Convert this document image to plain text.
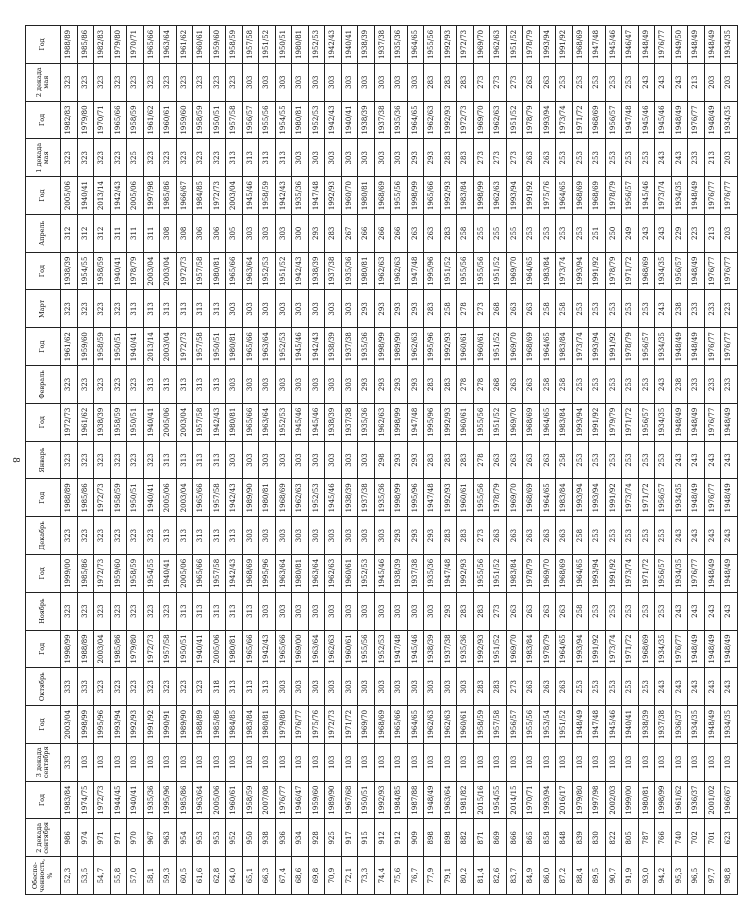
8
Обеспе-ченность, %	2 декада сентября	Год	3 декада сентября	Год	Октябрь	Год	Ноябрь	Год	Декабрь	Год	Январь	Год	Февраль	Год	Март	Год	Апрель	Год	1 декада мая	Год	2 декада мая	Год
52,3	986	1983/84	333	2003/04	333	1998/99	323	1999/00	323	1988/89	323	1972/73	323	1961/62	323	1938/39	312	2005/06	323	1982/83	323	1988/89
53,5	974	1974/75	103	1998/99	333	1988/89	323	1985/86	323	1985/86	323	1961/62	323	1959/60	323	1954/55	312	1940/41	323	1979/80	323	1985/86
54,7	971	1972/73	103	1995/96	323	2003/04	323	1972/73	323	1972/73	323	1938/39	323	1958/59	323	1958/59	312	2013/14	323	1970/71	323	1982/83
55,8	971	1944/45	103	1993/94	323	1985/86	323	1959/60	323	1958/59	323	1958/59	323	1950/51	323	1940/41	311	1942/43	323	1965/66	323	1979/80
57,0	970	1940/41	103	1992/93	323	1979/80	323	1958/59	323	1950/51	323	1950/51	323	1940/41	313	1978/79	311	2005/06	325	1958/59	323	1970/71
58,1	967	1935/36	103	1991/92	323	1972/73	323	1954/55	323	1940/41	323	1940/41	313	2013/14	313	2003/04	311	1997/98	323	1961/62	323	1965/66
59,3	963	1995/96	103	1990/91	323	1957/58	323	1940/41	313	2005/06	313	2005/06	313	2003/04	313	2003/04	308	1985/86	323	1960/61	323	1963/64
60,5	954	1985/86	103	1989/90	323	1950/51	313	2005/06	313	2003/04	313	2003/04	313	1972/73	313	1972/73	308	1966/67	323	1959/60	323	1961/62
61,6	953	1963/64	103	1988/89	323	1940/41	313	1965/66	313	1965/66	313	1957/58	313	1957/58	313	1957/58	306	1984/85	323	1958/59	323	1960/61
62,8	953	2005/06	103	1985/86	318	2005/06	313	1957/58	313	1957/58	313	1942/43	313	1950/51	313	1980/81	306	1972/73	323	1950/51	323	1959/60
64,0	952	1960/61	103	1984/85	313	1980/81	313	1942/43	313	1942/43	303	1980/81	303	1980/81	303	1965/66	305	2003/04	313	1957/58	323	1958/59
65,1	950	1958/59	103	1983/84	313	1965/66	313	1968/69	303	1989/90	303	1965/66	303	1965/66	303	1963/64	303	1945/46	313	1956/57	303	1957/58
66,3	938	2007/08	103	1980/81	313	1942/43	303	1995/96	303	1980/81	303	1963/64	303	1963/64	303	1952/53	303	1958/59	313	1955/56	303	1951/52
67,4	936	1976/77	103	1979/80	303	1965/66	303	1963/64	303	1968/69	303	1952/53	303	1952/53	303	1951/52	303	1942/43	313	1954/55	303	1950/51
68,6	934	1946/47	103	1976/77	303	1969/00	303	1980/81	303	1962/63	303	1945/46	303	1945/46	303	1942/43	300	1935/36	303	1980/81	303	1980/81
69,8	928	1959/60	103	1975/76	303	1963/64	303	1963/64	303	1952/53	303	1945/46	303	1942/43	303	1938/39	293	1947/48	303	1952/53	303	1952/53
70,9	925	1989/90	103	1972/73	303	1962/63	303	1962/63	303	1945/46	303	1938/39	303	1938/39	303	1937/38	283	1992/93	303	1942/43	303	1942/43
72,1	917	1967/68	103	1971/72	303	1960/61	303	1960/61	303	1938/39	303	1937/38	303	1937/38	303	1935/36	267	1960/70	303	1940/41	303	1940/41
73,3	915	1950/51	103	1969/70	303	1955/56	303	1952/53	303	1937/38	303	1935/36	293	1935/36	293	1980/81	266	1980/81	303	1938/39	303	1938/39
74,4	912	1992/93	103	1968/69	303	1952/53	303	1945/46	303	1935/36	298	1962/63	293	1998/99	293	1962/63	266	1968/69	303	1937/38	303	1937/38
75,6	912	1984/85	103	1965/66	303	1947/48	303	1938/39	293	1998/99	293	1998/99	293	1989/90	293	1962/63	266	1955/56	303	1935/36	303	1935/36
76,7	909	1987/88	103	1964/65	303	1945/46	303	1937/38	293	1995/96	293	1947/48	293	1962/63	293	1947/48	263	1998/99	293	1964/65	303	1964/65
77,9	898	1948/49	103	1962/63	303	1938/39	303	1935/36	293	1947/48	283	1995/96	283	1995/96	283	1995/96	263	1965/66	293	1962/63	283	1955/56
79,1	898	1963/64	103	1962/63	303	1937/38	293	1947/48	283	1992/93	283	1992/93	283	1992/93	258	1951/52	283	1992/93	283	1992/93	283	1992/93
80,2	882	1981/82	103	1960/61	303	1935/36	283	1992/93	283	1960/61	283	1960/61	278	1960/61	278	1955/56	258	1983/84	283	1972/73	283	1972/73
81,4	871	2015/16	103	1958/59	283	1992/93	283	1955/56	273	1955/56	278	1955/56	278	1960/61	273	1955/56	255	1998/99	273	1969/70	273	1969/70
82,6	869	1954/55	103	1957/58	283	1951/52	273	1951/52	263	1978/79	263	1951/52	268	1951/52	268	1951/52	255	1962/63	273	1962/63	273	1962/63
83,7	866	2014/15	103	1956/57	273	1969/70	263	1983/84	263	1969/70	263	1969/70	263	1969/70	263	1969/70	255	1993/94	273	1951/52	273	1951/52
84,9	865	1970/71	103	1955/56	263	1983/84	263	1978/79	263	1968/69	263	1968/69	263	1968/69	263	1964/65	253	1991/92	263	1978/79	263	1978/79
86,0	858	1993/94	103	1953/54	263	1978/79	263	1969/70	263	1964/65	263	1964/65	258	1964/65	258	1983/84	253	1975/76	263	1993/94	263	1993/94
87,2	848	2016/17	103	1951/52	263	1964/65	263	1968/69	263	1983/84	258	1983/84	258	1983/84	258	1973/74	253	1964/65	253	1973/74	253	1991/92
88,4	839	1979/80	103	1948/49	253	1993/94	258	1964/65	258	1993/94	253	1993/94	253	1973/74	253	1993/94	253	1968/69	253	1971/72	253	1968/69
89,5	830	1997/98	103	1947/48	253	1991/92	253	1993/94	253	1993/94	253	1991/92	253	1993/94	253	1991/92	251	1968/69	253	1968/69	253	1947/48
90,7	822	2002/03	103	1945/46	253	1973/74	253	1991/92	253	1991/92	253	1979/79	253	1991/92	253	1978/79	250	1978/79	253	1956/57	253	1945/46
91,9	805	1999/00	103	1940/41	253	1971/72	253	1973/74	253	1973/74	253	1971/72	253	1978/79	253	1971/72	249	1956/57	253	1947/48	253	1946/47
93,0	787	1980/81	103	1938/39	253	1968/69	253	1971/72	253	1971/72	253	1956/57	253	1956/57	253	1968/69	243	1945/46	253	1945/46	243	1948/49
94,2	766	1998/99	103	1937/38	243	1934/35	253	1956/57	253	1956/57	253	1934/35	243	1934/35	243	1934/35	243	1973/74	243	1945/46	243	1976/77
95,3	740	1961/62	103	1936/37	243	1976/77	243	1934/35	243	1934/35	243	1948/49	238	1948/49	238	1956/57	229	1934/35	243	1948/49	243	1949/50
96,5	702	1936/37	103	1934/35	243	1948/49	243	1976/77	243	1948/49	243	1948/49	233	1948/49	233	1948/49	223	1948/49	233	1976/77	213	1948/49
97,7	701	2001/02	103	1948/49	243	1948/49	243	1948/49	243	1976/77	243	1976/77	233	1976/77	233	1976/77	213	1976/77	213	1948/49	203	1948/49
98,8	623	1966/67	103	1934/35	243	1948/49	243	1948/49	243	1948/49	243	1948/49	233	1976/77	223	1976/77	203	1976/77	203	1934/35	203	1934/35
